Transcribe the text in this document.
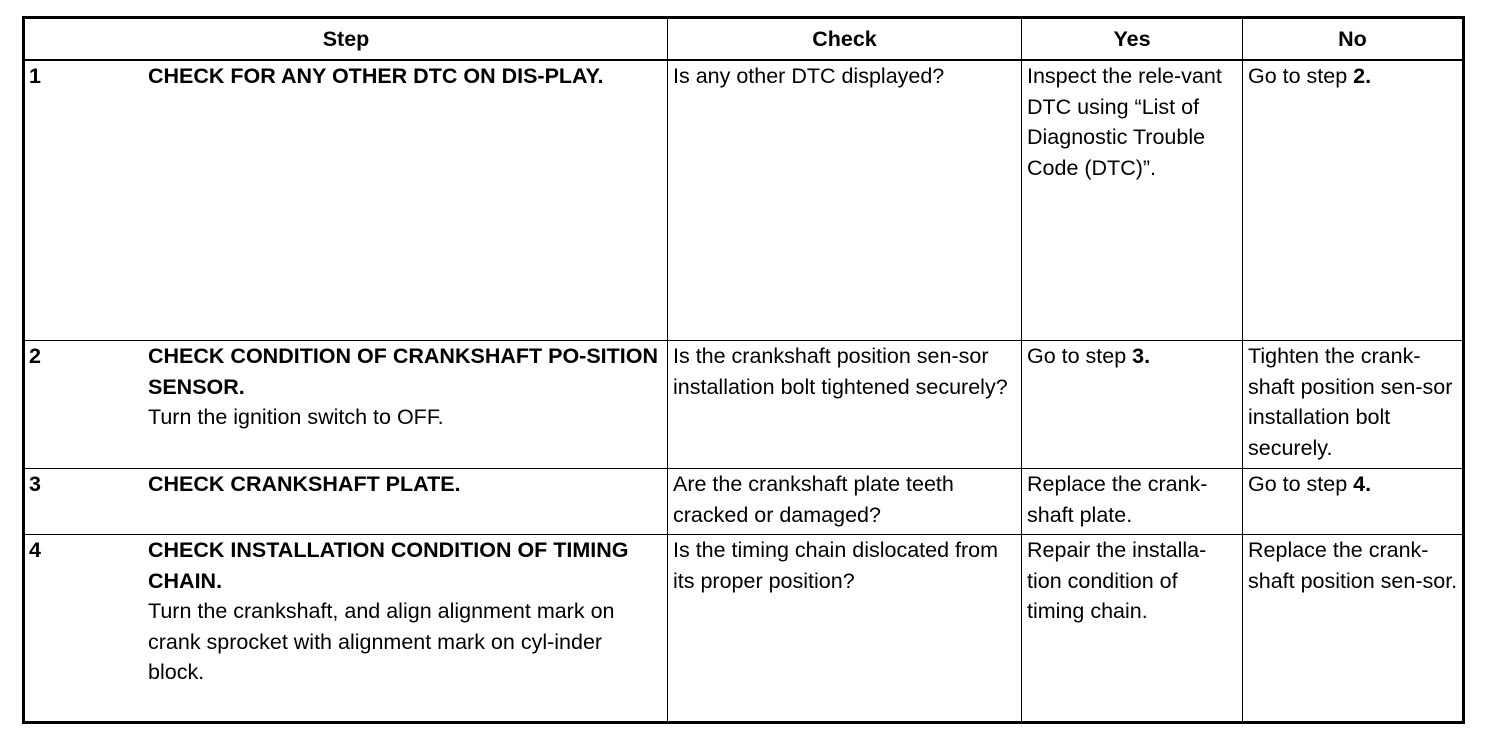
Step	Check	Yes	No

1 CHECK FOR ANY OTHER DTC ON DIS-PLAY.	Is any other DTC displayed?	Inspect the rele-vant DTC using “List of Diagnostic Trouble Code (DTC)”.	Go to step 2.

2 CHECK CONDITION OF CRANKSHAFT PO-SITION SENSOR.
Turn the ignition switch to OFF.	Is the crankshaft position sen-sor installation bolt tightened securely?	Go to step 3.	Tighten the crank-shaft position sen-sor installation bolt securely.

3 CHECK CRANKSHAFT PLATE.	Are the crankshaft plate teeth cracked or damaged?	Replace the crank-shaft plate.	Go to step 4.

4 CHECK INSTALLATION CONDITION OF TIMING CHAIN.
Turn the crankshaft, and align alignment mark on crank sprocket with alignment mark on cyl-inder block.	Is the timing chain dislocated from its proper position?	Repair the installa-tion condition of timing chain.	Replace the crank-shaft position sen-sor.
